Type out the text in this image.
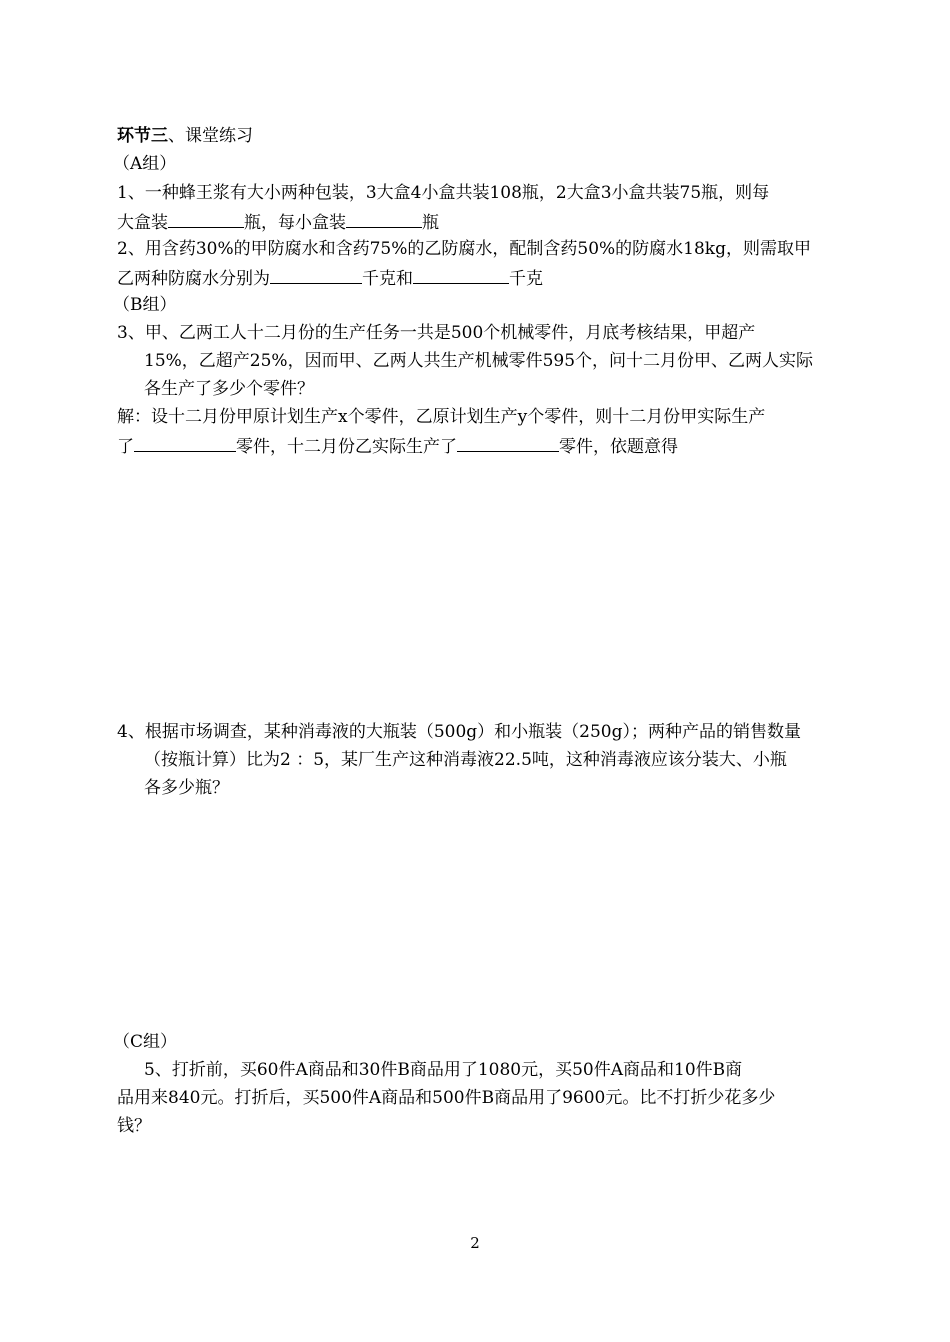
环节三、课堂练习
（A组）
1、一种蜂王浆有大小两种包装，3大盒4小盒共装108瓶，2大盒3小盒共装75瓶，则每
大盒装	瓶，每小盒装	瓶
2、用含药30%的甲防腐水和含药75%的乙防腐水，配制含药50%的防腐水18kg，则需取甲
乙两种防腐水分别为	千克和	千克
（B组）
3、甲、乙两工人十二月份的生产任务一共是500个机械零件，月底考核结果，甲超产
15%，乙超产25%，因而甲、乙两人共生产机械零件595个，问十二月份甲、乙两人实际
各生产了多少个零件？
解：设十二月份甲原计划生产x个零件，乙原计划生产y个零件，则十二月份甲实际生产
了	零件，十二月份乙实际生产了	零件，依题意得
4、根据市场调查，某种消毒液的大瓶装（500g）和小瓶装（250g）；两种产品的销售数量
（按瓶计算）比为2 ：5，某厂生产这种消毒液22.5吨，这种消毒液应该分装大、小瓶
各多少瓶？
（C组）
5、打折前，买60件A商品和30件B商品用了1080元，买50件A商品和10件B商
品用来840元。打折后，买500件A商品和500件B商品用了9600元。比不打折少花多少
钱？
2
